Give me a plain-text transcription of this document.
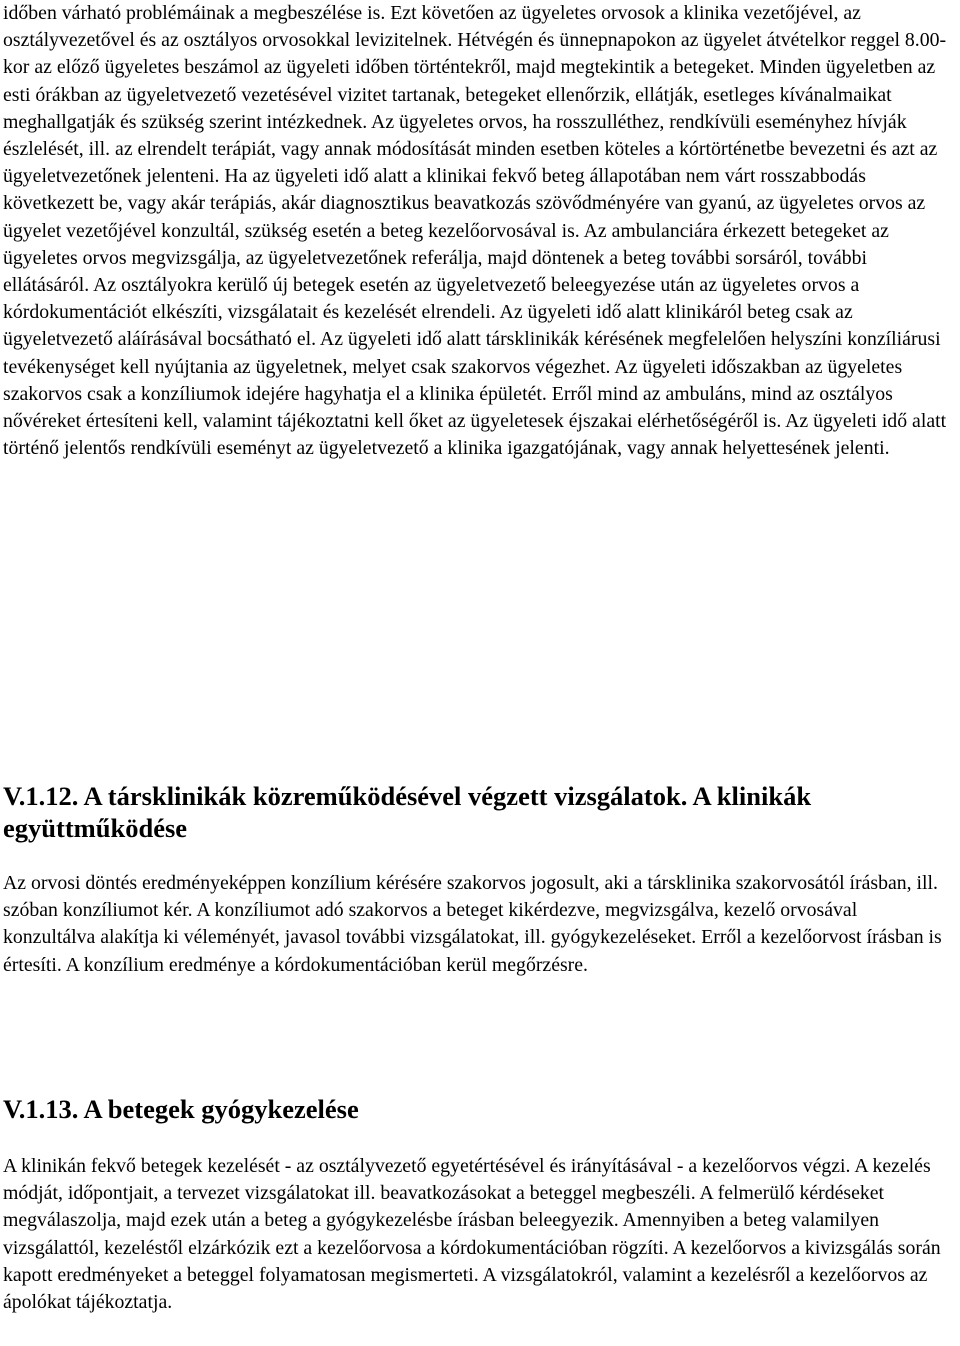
időben várható problémáinak a megbeszélése is. Ezt követően az ügyeletes orvosok a klinika vezetőjével, az osztályvezetővel és az osztályos orvosokkal levizitelnek. Hétvégén és ünnepnapokon az ügyelet átvételkor reggel 8.00-kor az előző ügyeletes beszámol az ügyeleti időben történtekről, majd megtekintik a betegeket. Minden ügyeletben az esti órákban az ügyeletvezető vezetésével vizitet tartanak, betegeket ellenőrzik, ellátják, esetleges kívánalmaikat meghallgatják és szükség szerint intézkednek. Az ügyeletes orvos, ha rosszulléthez, rendkívüli eseményhez hívják észlelését, ill. az elrendelt terápiát, vagy annak módosítását minden esetben köteles a kórtörténetbe bevezetni és azt az ügyeletvezetőnek jelenteni. Ha az ügyeleti idő alatt a klinikai fekvő beteg állapotában nem várt rosszabbodás következett be, vagy akár terápiás, akár diagnosztikus beavatkozás szövődményére van gyanú, az ügyeletes orvos az ügyelet vezetőjével konzultál, szükség esetén a beteg kezelőorvosával is. Az ambulanciára érkezett betegeket az ügyeletes orvos megvizsgálja, az ügyeletvezetőnek referálja, majd döntenek a beteg további sorsáról, további ellátásáról. Az osztályokra kerülő új betegek esetén az ügyeletvezető beleegyezése után az ügyeletes orvos a kórdokumentációt elkészíti, vizsgálatait és kezelését elrendeli. Az ügyeleti idő alatt klinikáról beteg csak az ügyeletvezető aláírásával bocsátható el. Az ügyeleti idő alatt társklinikák kérésének megfelelően helyszíni konzíliárusi tevékenységet kell nyújtania az ügyeletnek, melyet csak szakorvos végezhet. Az ügyeleti időszakban az ügyeletes szakorvos csak a konzíliumok idejére hagyhatja el a klinika épületét. Erről mind az ambuláns, mind az osztályos nővéreket értesíteni kell, valamint tájékoztatni kell őket az ügyeletesek éjszakai elérhetőségéről is. Az ügyeleti idő alatt történő jelentős rendkívüli eseményt az ügyeletvezető a klinika igazgatójának, vagy annak helyettesének jelenti.

V.1.12. A társklinikák közreműködésével végzett vizsgálatok. A klinikák együttműködése

Az orvosi döntés eredményeképpen konzílium kérésére szakorvos jogosult, aki a társklinika szakorvosától írásban, ill. szóban konzíliumot kér. A konzíliumot adó szakorvos a beteget kikérdezve, megvizsgálva, kezelő orvosával konzultálva alakítja ki véleményét, javasol további vizsgálatokat, ill. gyógykezeléseket. Erről a kezelőorvost írásban is értesíti. A konzílium eredménye a kórdokumentációban kerül megőrzésre.

V.1.13. A betegek gyógykezelése

A klinikán fekvő betegek kezelését - az osztályvezető egyetértésével és irányításával - a kezelőorvos végzi. A kezelés módját, időpontjait, a tervezet vizsgálatokat ill. beavatkozásokat a beteggel megbeszéli. A felmerülő kérdéseket megválaszolja, majd ezek után a beteg a gyógykezelésbe írásban beleegyezik. Amennyiben a beteg valamilyen vizsgálattól, kezeléstől elzárkózik ezt a kezelőorvosa a kórdokumentációban rögzíti. A kezelőorvos a kivizsgálás során kapott eredményeket a beteggel folyamatosan megismerteti. A vizsgálatokról, valamint a kezelésről a kezelőorvos az ápolókat tájékoztatja.
